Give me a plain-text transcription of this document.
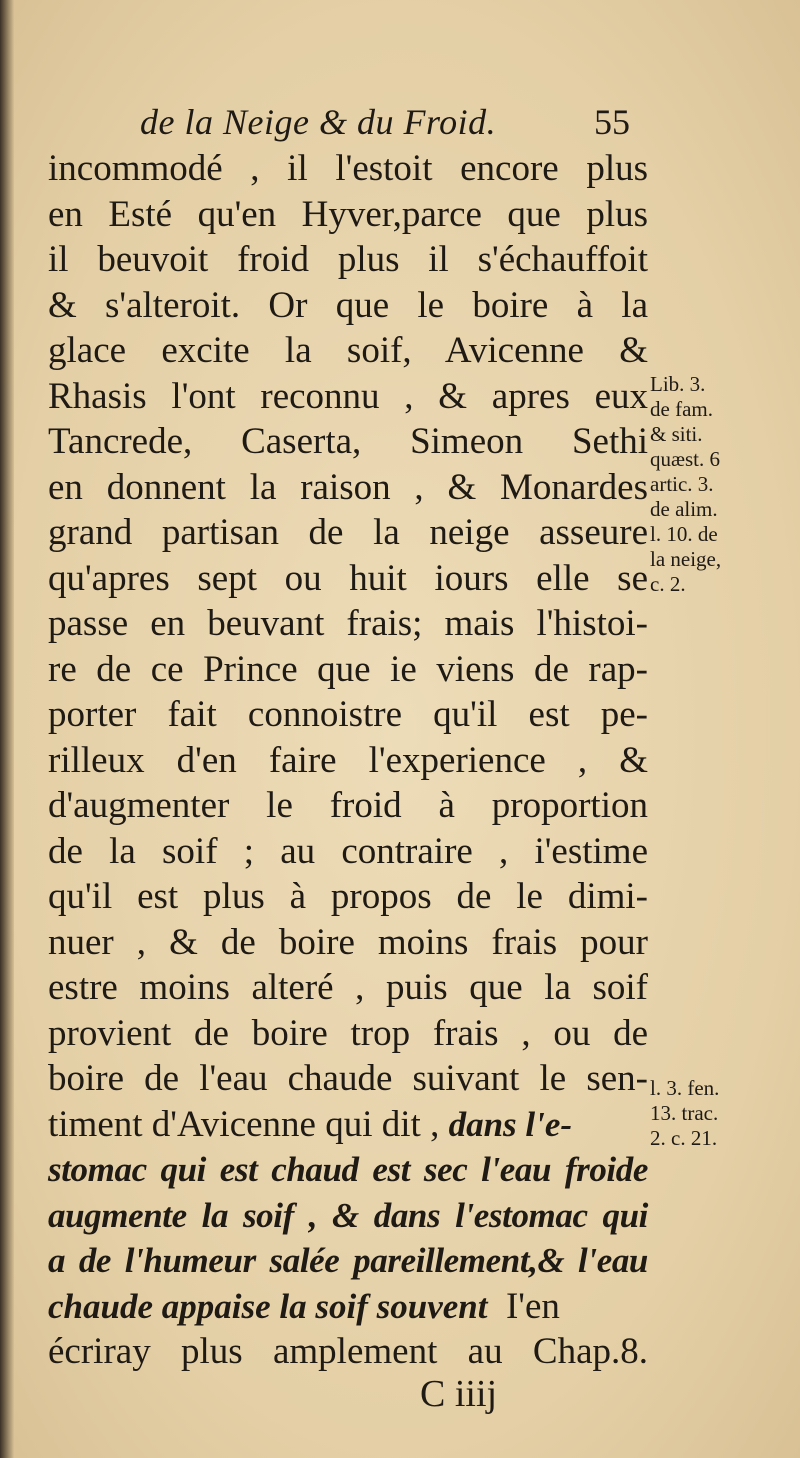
de la Neige & du Froid.	55
incommodé , il l'estoit encore plus
en Esté qu'en Hyver,parce que plus
il beuvoit froid plus il s'échauffoit
& s'alteroit. Or que le boire à la
glace excite la soif, Avicenne &
Rhasis l'ont reconnu , & apres eux
Tancrede, Caserta, Simeon Sethi
en donnent la raison , & Monardes
grand partisan de la neige asseure
qu'apres sept ou huit iours elle se
passe en beuvant frais; mais l'histoi-
re de ce Prince que ie viens de rap-
porter fait connoistre qu'il est pe-
rilleux d'en faire l'experience , &
d'augmenter le froid à proportion
de la soif ; au contraire , i'estime
qu'il est plus à propos de le dimi-
nuer , & de boire moins frais pour
estre moins alteré , puis que la soif
provient de boire trop frais , ou de
boire de l'eau chaude suivant le sen-
timent d'Avicenne qui dit , dans l'e-
stomac qui est chaud est sec l'eau froide
augmente la soif , & dans l'estomac qui
a de l'humeur salée pareillement,& l'eau
chaude appaise la soif souvent  I'en
écriray plus amplement au Chap.8.
C iiij
Lib. 3.
de fam.
& siti.
quæst. 6
artic. 3.
de alim.
l. 10. de
la neige,
c. 2.
l. 3. fen.
13. trac.
2. c. 21.
